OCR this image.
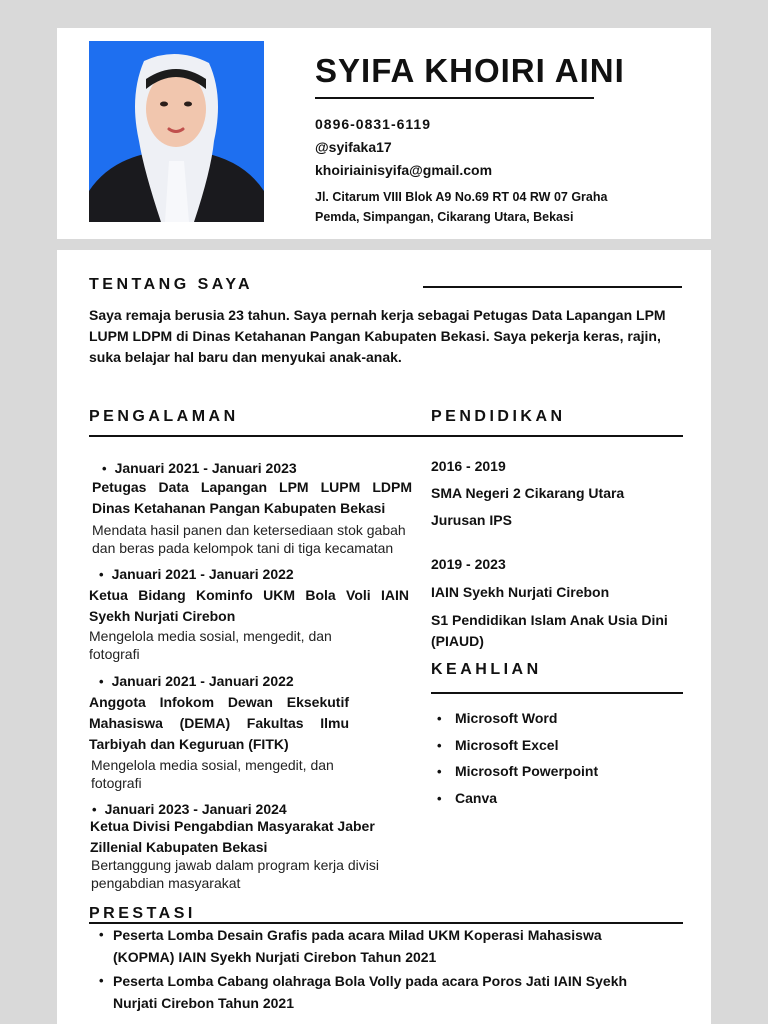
SYIFA KHOIRI AINI
0896-0831-6119
@syifaka17
khoiriainisyifa@gmail.com
Jl. Citarum VIII Blok A9 No.69 RT 04 RW 07 Graha Pemda, Simpangan, Cikarang Utara, Bekasi
TENTANG SAYA
Saya remaja berusia 23 tahun. Saya pernah kerja sebagai Petugas Data Lapangan LPM LUPM LDPM di Dinas Ketahanan Pangan Kabupaten Bekasi. Saya pekerja keras, rajin, suka belajar hal baru dan menyukai anak-anak.
PENGALAMAN	PENDIDIKAN
• Januari 2021 - Januari 2023
Petugas Data Lapangan LPM LUPM LDPM Dinas Ketahanan Pangan Kabupaten Bekasi
Mendata hasil panen dan ketersediaan stok gabah dan beras pada kelompok tani di tiga kecamatan
• Januari 2021 - Januari 2022
Ketua Bidang Kominfo UKM Bola Voli IAIN Syekh Nurjati Cirebon
Mengelola media sosial, mengedit, dan fotografi
• Januari 2021 - Januari 2022
Anggota Infokom Dewan Eksekutif Mahasiswa (DEMA) Fakultas Ilmu Tarbiyah dan Keguruan (FITK)
Mengelola media sosial, mengedit, dan fotografi
• Januari 2023 - Januari 2024
Ketua Divisi Pengabdian Masyarakat Jaber Zillenial Kabupaten Bekasi
Bertanggung jawab dalam program kerja divisi pengabdian masyarakat
2016 - 2019
SMA Negeri 2 Cikarang Utara
Jurusan IPS
2019 - 2023
IAIN Syekh Nurjati Cirebon
S1 Pendidikan Islam Anak Usia Dini (PIAUD)
KEAHLIAN
• Microsoft Word
• Microsoft Excel
• Microsoft Powerpoint
• Canva
PRESTASI
• Peserta Lomba Desain Grafis pada acara Milad UKM Koperasi Mahasiswa (KOPMA) IAIN Syekh Nurjati Cirebon Tahun 2021
• Peserta Lomba Cabang olahraga Bola Volly pada acara Poros Jati IAIN Syekh Nurjati Cirebon Tahun 2021
